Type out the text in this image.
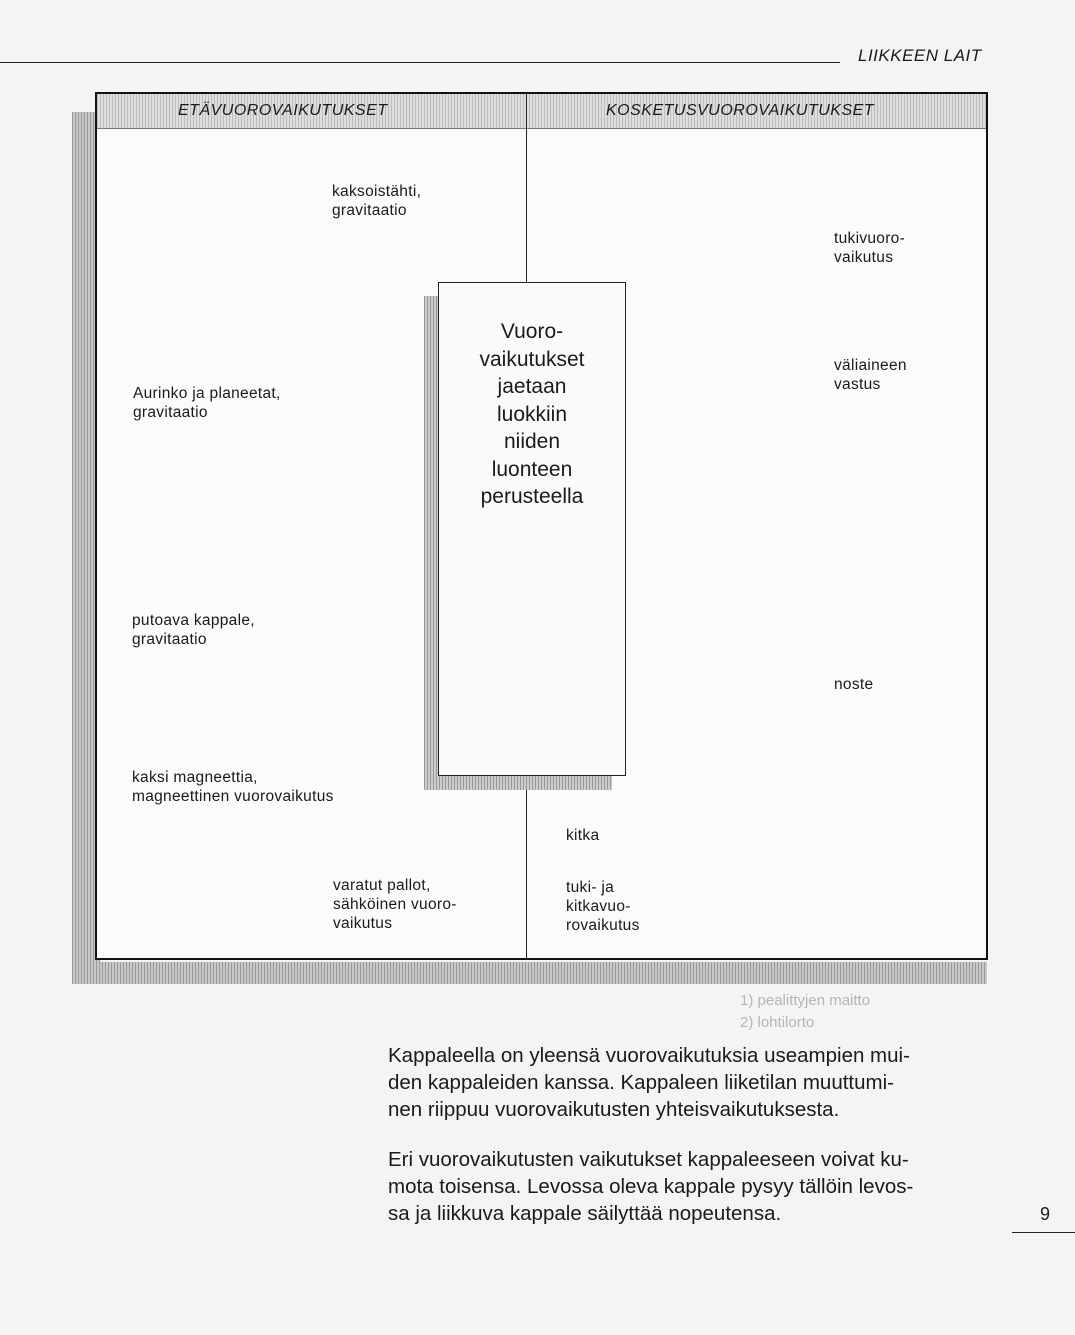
LIIKKEEN LAIT
1) pealittyjen maitto
2) lohtilorto
ETÄVUOROVAIKUTUKSET	KOSKETUSVUOROVAIKUTUKSET
Vuoro-
vaikutukset
jaetaan
luokkiin
niiden
luonteen
perusteella
kaksoistähti,
gravitaatio
Aurinko ja planeetat,
gravitaatio
putoava kappale,
gravitaatio
kaksi magneettia,
magneettinen vuorovaikutus
varatut pallot,
sähköinen vuoro-
vaikutus
tukivuoro-
vaikutus
väliaineen
vastus
noste
kitka
tuki- ja
kitkavuo-
rovaikutus
Kappaleella on yleensä vuorovaikutuksia useampien mui-
den kappaleiden kanssa. Kappaleen liiketilan muuttumi-
nen riippuu vuorovaikutusten yhteisvaikutuksesta.
Eri vuorovaikutusten vaikutukset kappaleeseen voivat ku-
mota toisensa. Levossa oleva kappale pysyy tällöin levos-
sa ja liikkuva kappale säilyttää nopeutensa.	9
